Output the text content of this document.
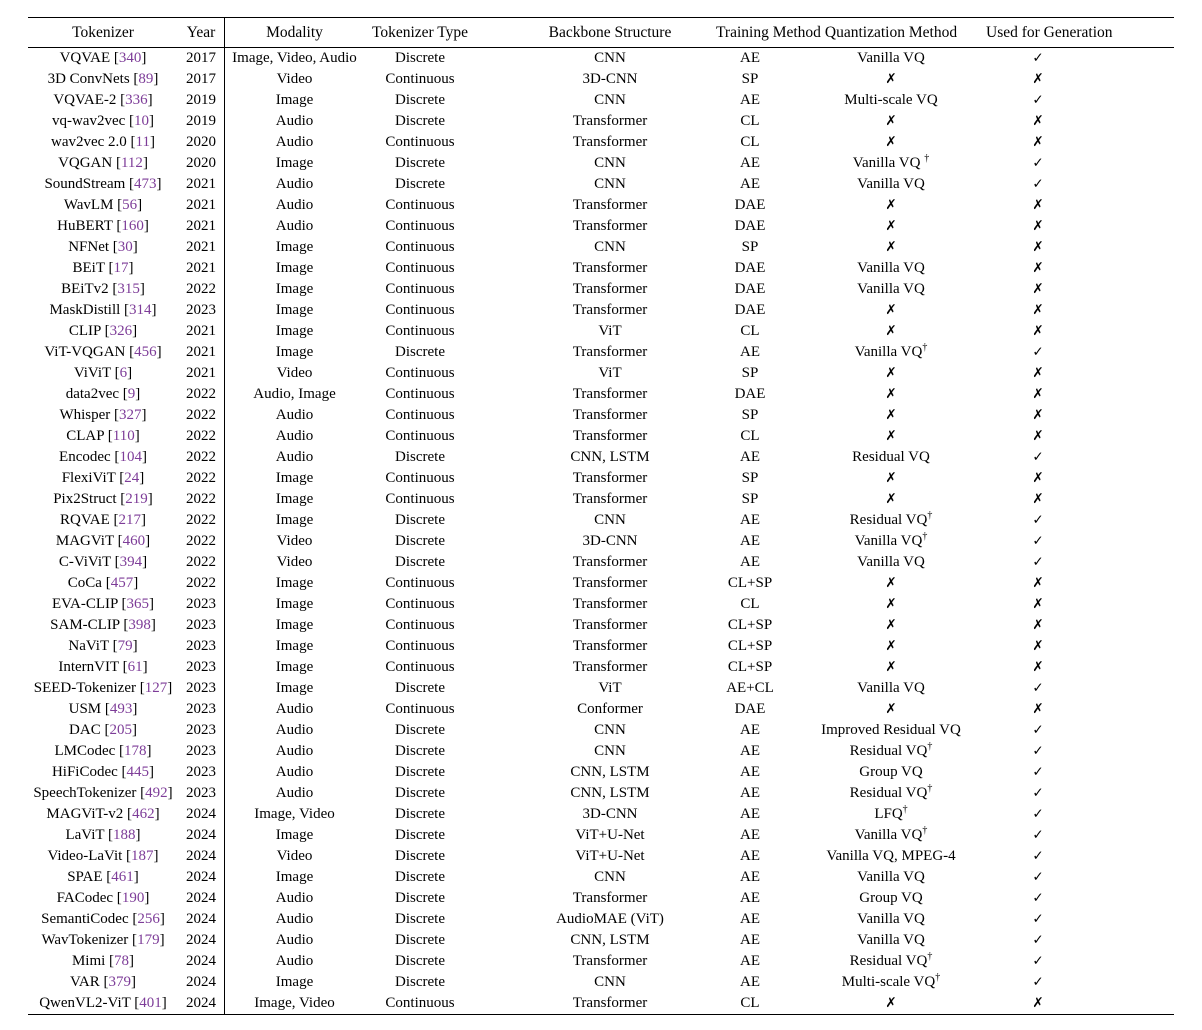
Tokenizer	Year	Modality	Tokenizer Type	Backbone Structure	Training Method Quantization Method	Used for Generation
VQVAE [340]	2017	Image, Video, Audio	Discrete	CNN	AE	Vanilla VQ	✓
3D ConvNets [89]	2017	Video	Continuous	3D-CNN	SP	✗	✗
VQVAE-2 [336]	2019	Image	Discrete	CNN	AE	Multi-scale VQ	✓
vq-wav2vec [10]	2019	Audio	Discrete	Transformer	CL	✗	✗
wav2vec 2.0 [11]	2020	Audio	Continuous	Transformer	CL	✗	✗
VQGAN [112]	2020	Image	Discrete	CNN	AE	Vanilla VQ †	✓
SoundStream [473]	2021	Audio	Discrete	CNN	AE	Vanilla VQ	✓
WavLM [56]	2021	Audio	Continuous	Transformer	DAE	✗	✗
HuBERT [160]	2021	Audio	Continuous	Transformer	DAE	✗	✗
NFNet [30]	2021	Image	Continuous	CNN	SP	✗	✗
BEiT [17]	2021	Image	Continuous	Transformer	DAE	Vanilla VQ	✗
BEiTv2 [315]	2022	Image	Continuous	Transformer	DAE	Vanilla VQ	✗
MaskDistill [314]	2023	Image	Continuous	Transformer	DAE	✗	✗
CLIP [326]	2021	Image	Continuous	ViT	CL	✗	✗
ViT-VQGAN [456]	2021	Image	Discrete	Transformer	AE	Vanilla VQ†	✓
ViViT [6]	2021	Video	Continuous	ViT	SP	✗	✗
data2vec [9]	2022	Audio, Image	Continuous	Transformer	DAE	✗	✗
Whisper [327]	2022	Audio	Continuous	Transformer	SP	✗	✗
CLAP [110]	2022	Audio	Continuous	Transformer	CL	✗	✗
Encodec [104]	2022	Audio	Discrete	CNN, LSTM	AE	Residual VQ	✓
FlexiViT [24]	2022	Image	Continuous	Transformer	SP	✗	✗
Pix2Struct [219]	2022	Image	Continuous	Transformer	SP	✗	✗
RQVAE [217]	2022	Image	Discrete	CNN	AE	Residual VQ†	✓
MAGViT [460]	2022	Video	Discrete	3D-CNN	AE	Vanilla VQ†	✓
C-ViViT [394]	2022	Video	Discrete	Transformer	AE	Vanilla VQ	✓
CoCa [457]	2022	Image	Continuous	Transformer	CL+SP	✗	✗
EVA-CLIP [365]	2023	Image	Continuous	Transformer	CL	✗	✗
SAM-CLIP [398]	2023	Image	Continuous	Transformer	CL+SP	✗	✗
NaViT [79]	2023	Image	Continuous	Transformer	CL+SP	✗	✗
InternVIT [61]	2023	Image	Continuous	Transformer	CL+SP	✗	✗
SEED-Tokenizer [127] 2023	Image	Discrete	ViT	AE+CL	Vanilla VQ	✓
USM [493]	2023	Audio	Continuous	Conformer	DAE	✗	✗
DAC [205]	2023	Audio	Discrete	CNN	AE	Improved Residual VQ	✓
LMCodec [178]	2023	Audio	Discrete	CNN	AE	Residual VQ†	✓
HiFiCodec [445]	2023	Audio	Discrete	CNN, LSTM	AE	Group VQ	✓
SpeechTokenizer [492] 2023	Audio	Discrete	CNN, LSTM	AE	Residual VQ†	✓
MAGViT-v2 [462]	2024	Image, Video	Discrete	3D-CNN	AE	LFQ†	✓
LaViT [188]	2024	Image	Discrete	ViT+U-Net	AE	Vanilla VQ†	✓
Video-LaVit [187]	2024	Video	Discrete	ViT+U-Net	AE	Vanilla VQ, MPEG-4	✓
SPAE [461]	2024	Image	Discrete	CNN	AE	Vanilla VQ	✓
FACodec [190]	2024	Audio	Discrete	Transformer	AE	Group VQ	✓
SemantiCodec [256]	2024	Audio	Discrete	AudioMAE (ViT)	AE	Vanilla VQ	✓
WavTokenizer [179]	2024	Audio	Discrete	CNN, LSTM	AE	Vanilla VQ	✓
Mimi [78]	2024	Audio	Discrete	Transformer	AE	Residual VQ†	✓
VAR [379]	2024	Image	Discrete	CNN	AE	Multi-scale VQ†	✓
QwenVL2-ViT [401]	2024	Image, Video	Continuous	Transformer	CL	✗	✗
